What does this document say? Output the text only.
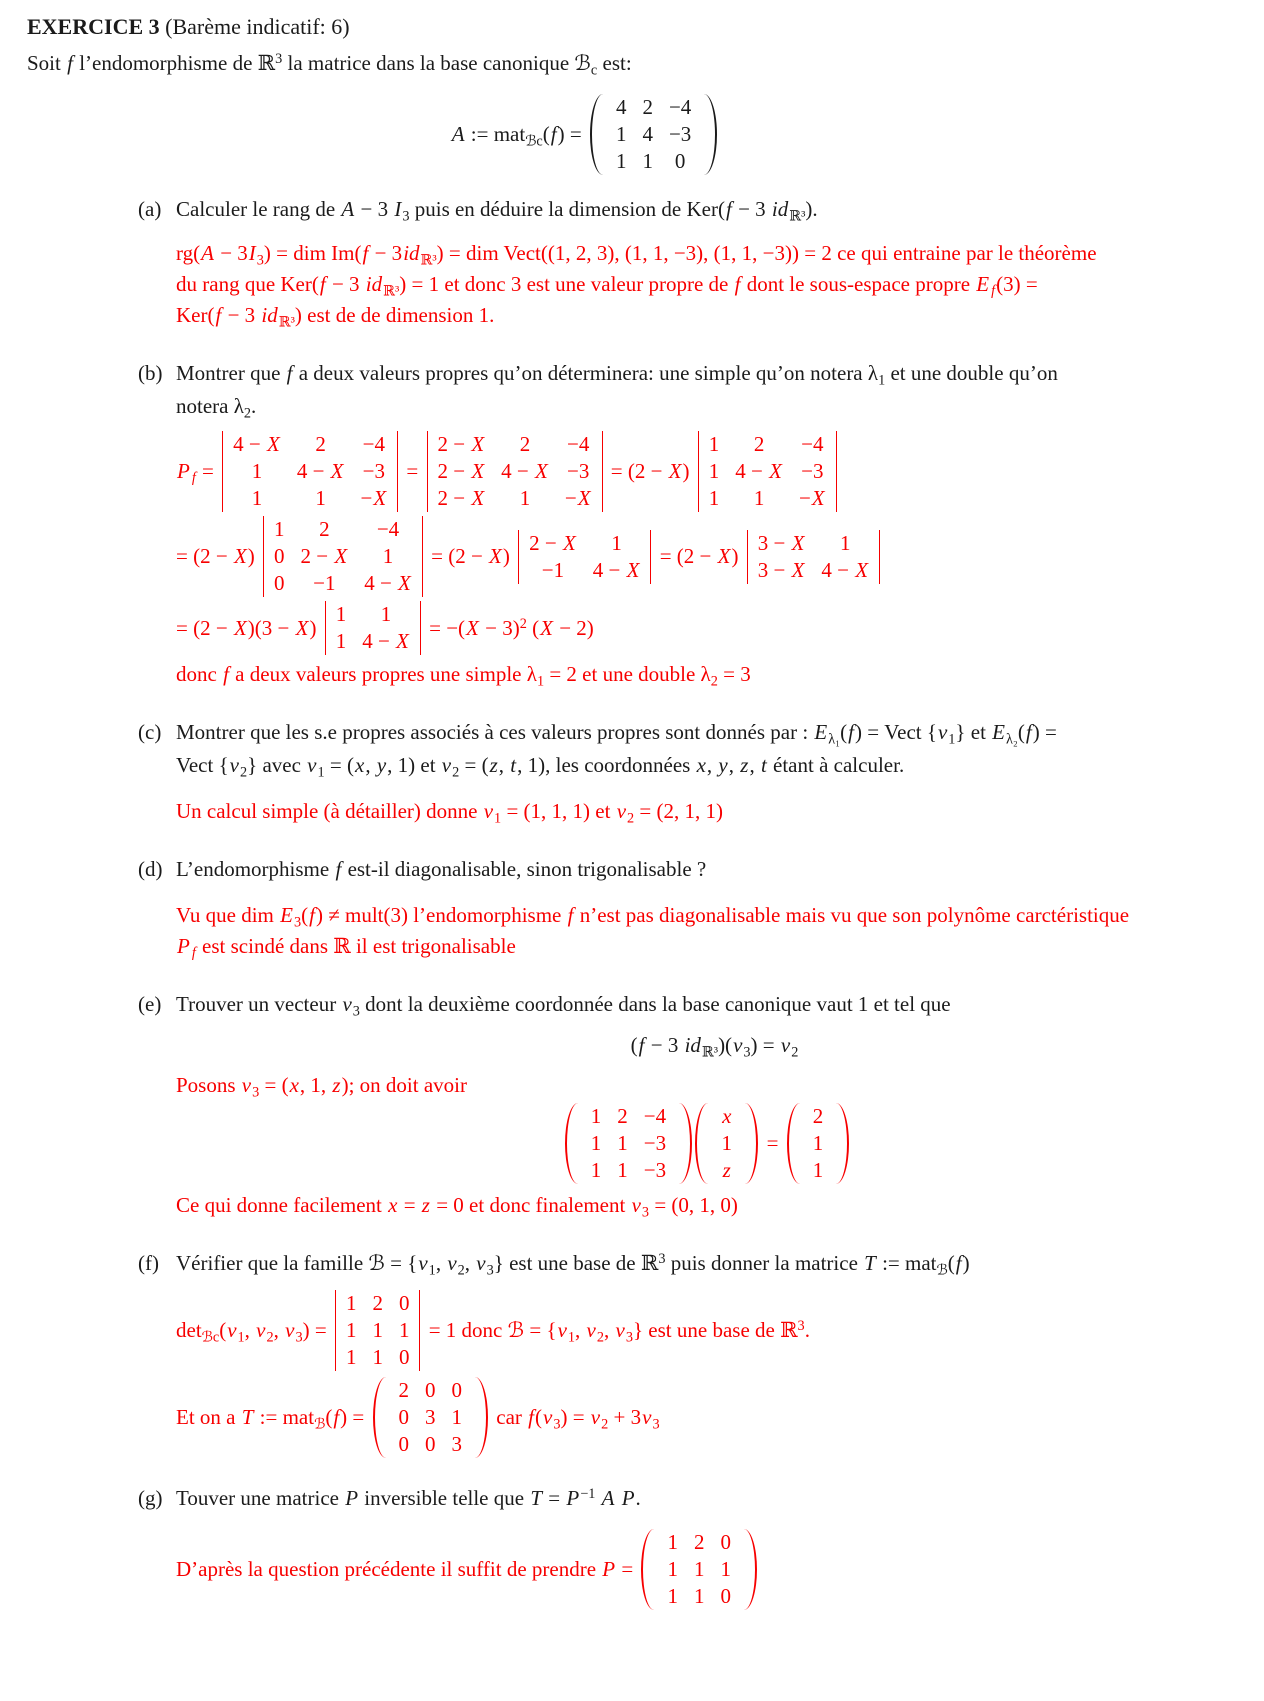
EXERCICE 3 (Barème indicatif: 6)
Soit f l’endomorphisme de ℝ$^3$ la matrice dans la base canonique ℬ$_c$ est:
A := mat$_{ℬc}$(f) =
4 2 −4
1 4 −3
1 1	0
(a) Calculer le rang de A − 3 $I_3$ puis en déduire la dimension de Ker(f − 3 $id_{ℝ^3}$).
$rg(A - 3I_3)$ = dim $Im(f - 3id_{ℝ^3})$ = dim Vect((1, 2, 3), (1, 1, −3), (1, 1, −3)) = 2 ce qui entraine par le théorème
du rang que Ker(f − 3 $id_{ℝ^3}) = 1$ et donc 3 est une valeur propre de f dont le sous-espace propre E $_f$(3) =
Ker(f − 3 $id_{ℝ^3}$) est de de dimension 1.
(b) Montrer que f a deux valeurs propres qu’on déterminera: une simple qu’on notera $\lambda_1$ et une double qu’on
notera $\lambda_2$.
P $_f$ =
4 − X	2	−4
1	4 − X −3
1	1	−X
=
2 − X	2	−4
2 − X 4 − X −3
2 − X	1	−X
= (2 − X)
1	2	−4
1 4 − X −3
1	1	−X
= (2 − X)
1	2	−4
0 2 − X	1
0	−1	4 − X
= (2 − X)
2 − X	1
−1	4 − X
= (2 − X)
3 − X	1
3 − X 4 − X
= (2 − X)(3 − X)
1	1
1 4 − X
= $-(X - 3)^2$ (X − 2)
donc f a deux valeurs propres une simple $\lambda_1 = 2$ et une double $\lambda_2 = 3$
(c) Montrer que les s.e propres associés à ces valeurs propres sont donnés par : $E_{\lambda_1}(f)$ = Vect $\{v_1\}$ et $E_{\lambda_2}(f)$ =
Vect $\{v_2\}$ avec $v_1 = (x$, y, 1) et $v_2 = (z$, t, 1), les coordonnées x, y, z, t étant à calculer.
Un calcul simple (à détailler) donne $v_1 = (1$, 1, 1) et $v_2 = (2$, 1, 1)
(d) L’endomorphisme f est-il diagonalisable, sinon trigonalisable ?
Vu que dim $E_3(f)$ ≠ mult(3) l’endomorphisme f n’est pas diagonalisable mais vu que son polynôme carctéristique
P $_f$ est scindé dans ℝ il est trigonalisable
(e) Trouver un vecteur $v_3$ dont la deuxième coordonnée dans la base canonique vaut 1 et tel que
(f − 3 $id_{ℝ^3})(v_3) = v_2$
Posons $v_3 = (x$, 1, z); on doit avoir
1 2 −4
1 1 −3
1 1 −3
x
1
z
=
2
1
1
Ce qui donne facilement x = z = 0 et donc finalement $v_3 = (0$, 1, 0)
(f) Vérifier que la famille ℬ = {$v_1$, $v_2$, $v_3$} est une base de ℝ$^3$ puis donner la matrice T := mat$_ℬ$(f)
$\det_{ℬc}(v_1$, $v_2$, $v_3$) =
1 2 0
1 1 1
1 1 0
= 1 donc ℬ = {$v_1$, $v_2$, $v_3$} est une base de ℝ$^3$.
Et on a T := mat$_ℬ$(f) =
2 0 0
0 3 1
0 0 3
car $f(v_3) = v_2 + 3v_3$
(g) Touver une matrice P inversible telle que $T = P^{-1}$ A P.
D’après la question précédente il suffit de prendre P =
1 2 0
1 1 1
1 1 0
